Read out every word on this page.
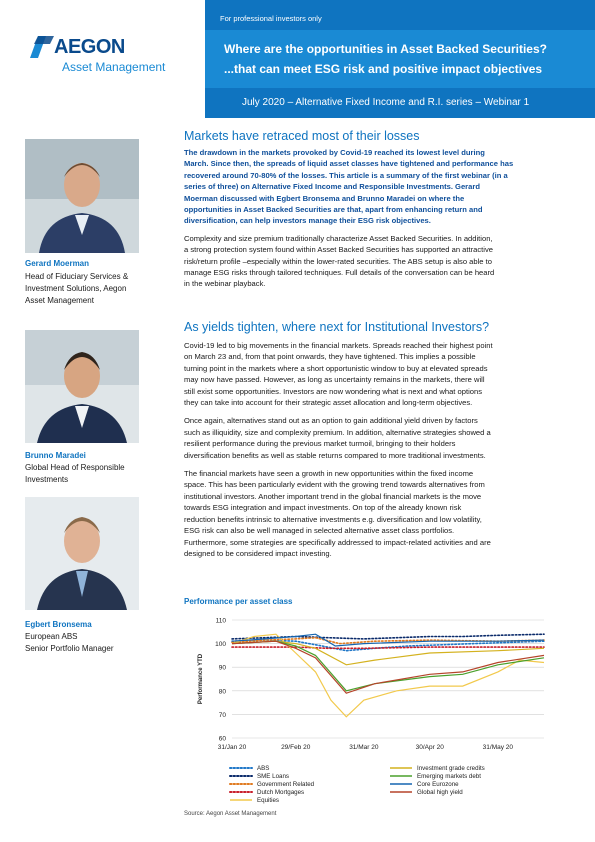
For professional investors only
Where are the opportunities in Asset Backed Securities?
...that can meet ESG risk and positive impact objectives
July 2020 – Alternative Fixed Income and R.I. series – Webinar 1
AEGON
Asset Management
Gerard Moerman
Head of Fiduciary Services &
Investment Solutions, Aegon
Asset Management
Brunno Maradei
Global Head of Responsible
Investments
Egbert Bronsema
European ABS
Senior Portfolio Manager
Markets have retraced most of their losses
The drawdown in the markets provoked by Covid-19 reached its lowest level during
March. Since then, the spreads of liquid asset classes have tightened and performance has
recovered around 70-80% of the losses. This article is a summary of the first webinar (in a
series of three) on Alternative Fixed Income and Responsible Investments. Gerard
Moerman discussed with Egbert Bronsema and Brunno Maradei on where the
opportunities in Asset Backed Securities are that, apart from enhancing return and
diversification, can help investors manage their ESG risk objectives.
Complexity and size premium traditionally characterize Asset Backed Securities. In addition,
a strong protection system found within Asset Backed Securities has supported an attractive
risk/return profile –especially within the lower-rated securities. The ABS setup is also able to
manage ESG risks through tailored techniques. Full details of the conversation can be heard
in the webinar playback.
As yields tighten, where next for Institutional Investors?
Covid-19 led to big movements in the financial markets. Spreads reached their highest point
on March 23 and, from that point onwards, they have tightened. This implies a possible
turning point in the markets where a short opportunistic window to buy at elevated spreads
may now have passed. However, as long as uncertainty remains in the markets, there will
still exist some opportunities. Investors are now wondering what is next and what options
they can take into account for their strategic asset allocation and long-term objectives.
Once again, alternatives stand out as an option to gain additional yield driven by factors
such as illiquidity, size and complexity premium. In addition, alternative strategies showed a
resilient performance during the previous market turmoil, bringing to their holders
diversification benefits as well as stable returns compared to more traditional investments.
The financial markets have seen a growth in new opportunities within the fixed income
space. This has been particularly evident with the growing trend towards alternatives from
institutional investors. Another important trend in the global financial markets is the move
towards ESG integration and impact investments. On top of the already known risk
reduction benefits intrinsic to alternative investments e.g. diversification and low volatility,
ESG risk can also be well managed in selected alternative asset class portfolios.
Furthermore, some strategies are specifically addressed to impact-related activities and are
designed to be considered impact investing.
Performance per asset class
60
70
80
90
100
110
31/Jan 20	29/Feb 20	31/Mar 20	30/Apr 20	31/May 20
Performance YTD
ABS
SME Loans
Government Related
Dutch Mortgages
Equities
Investment grade credits
Emerging markets debt
Core Eurozone
Global high yield
Source: Aegon Asset Management
